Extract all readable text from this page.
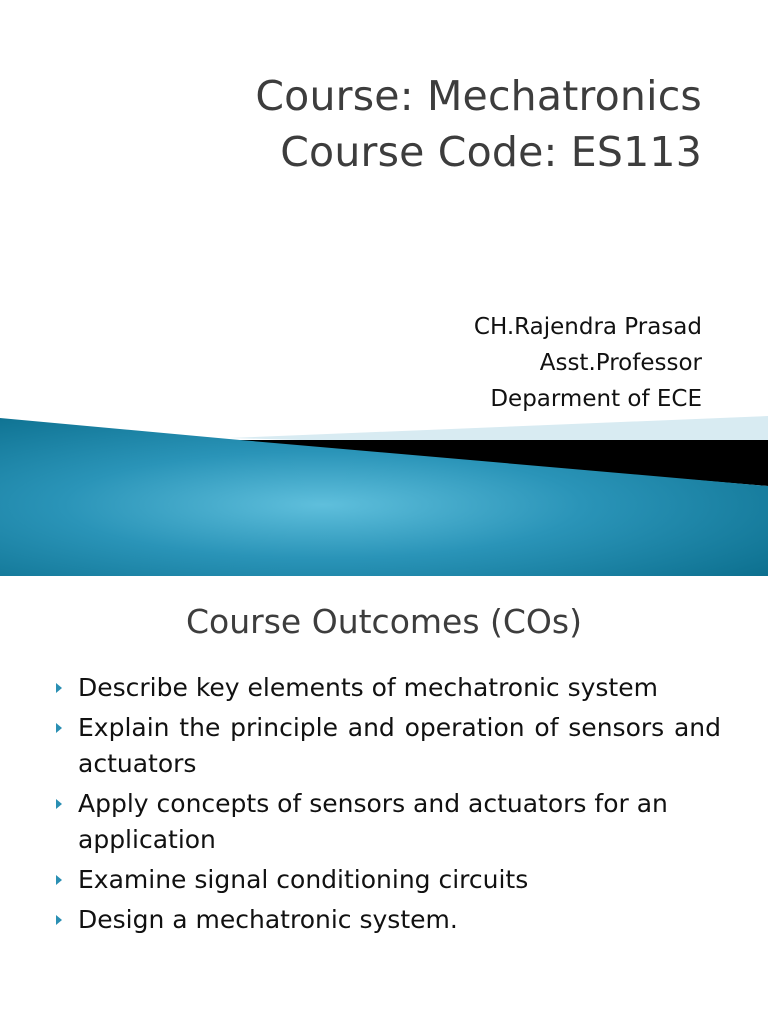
Course: Mechatronics
Course Code: ES113
CH.Rajendra Prasad
Asst.Professor
Deparment of ECE
Course Outcomes (COs)
Describe key elements of mechatronic system
Explain the principle and operation of sensors and actuators
Apply concepts of sensors and actuators for an application
Examine signal conditioning circuits
Design a mechatronic system.
